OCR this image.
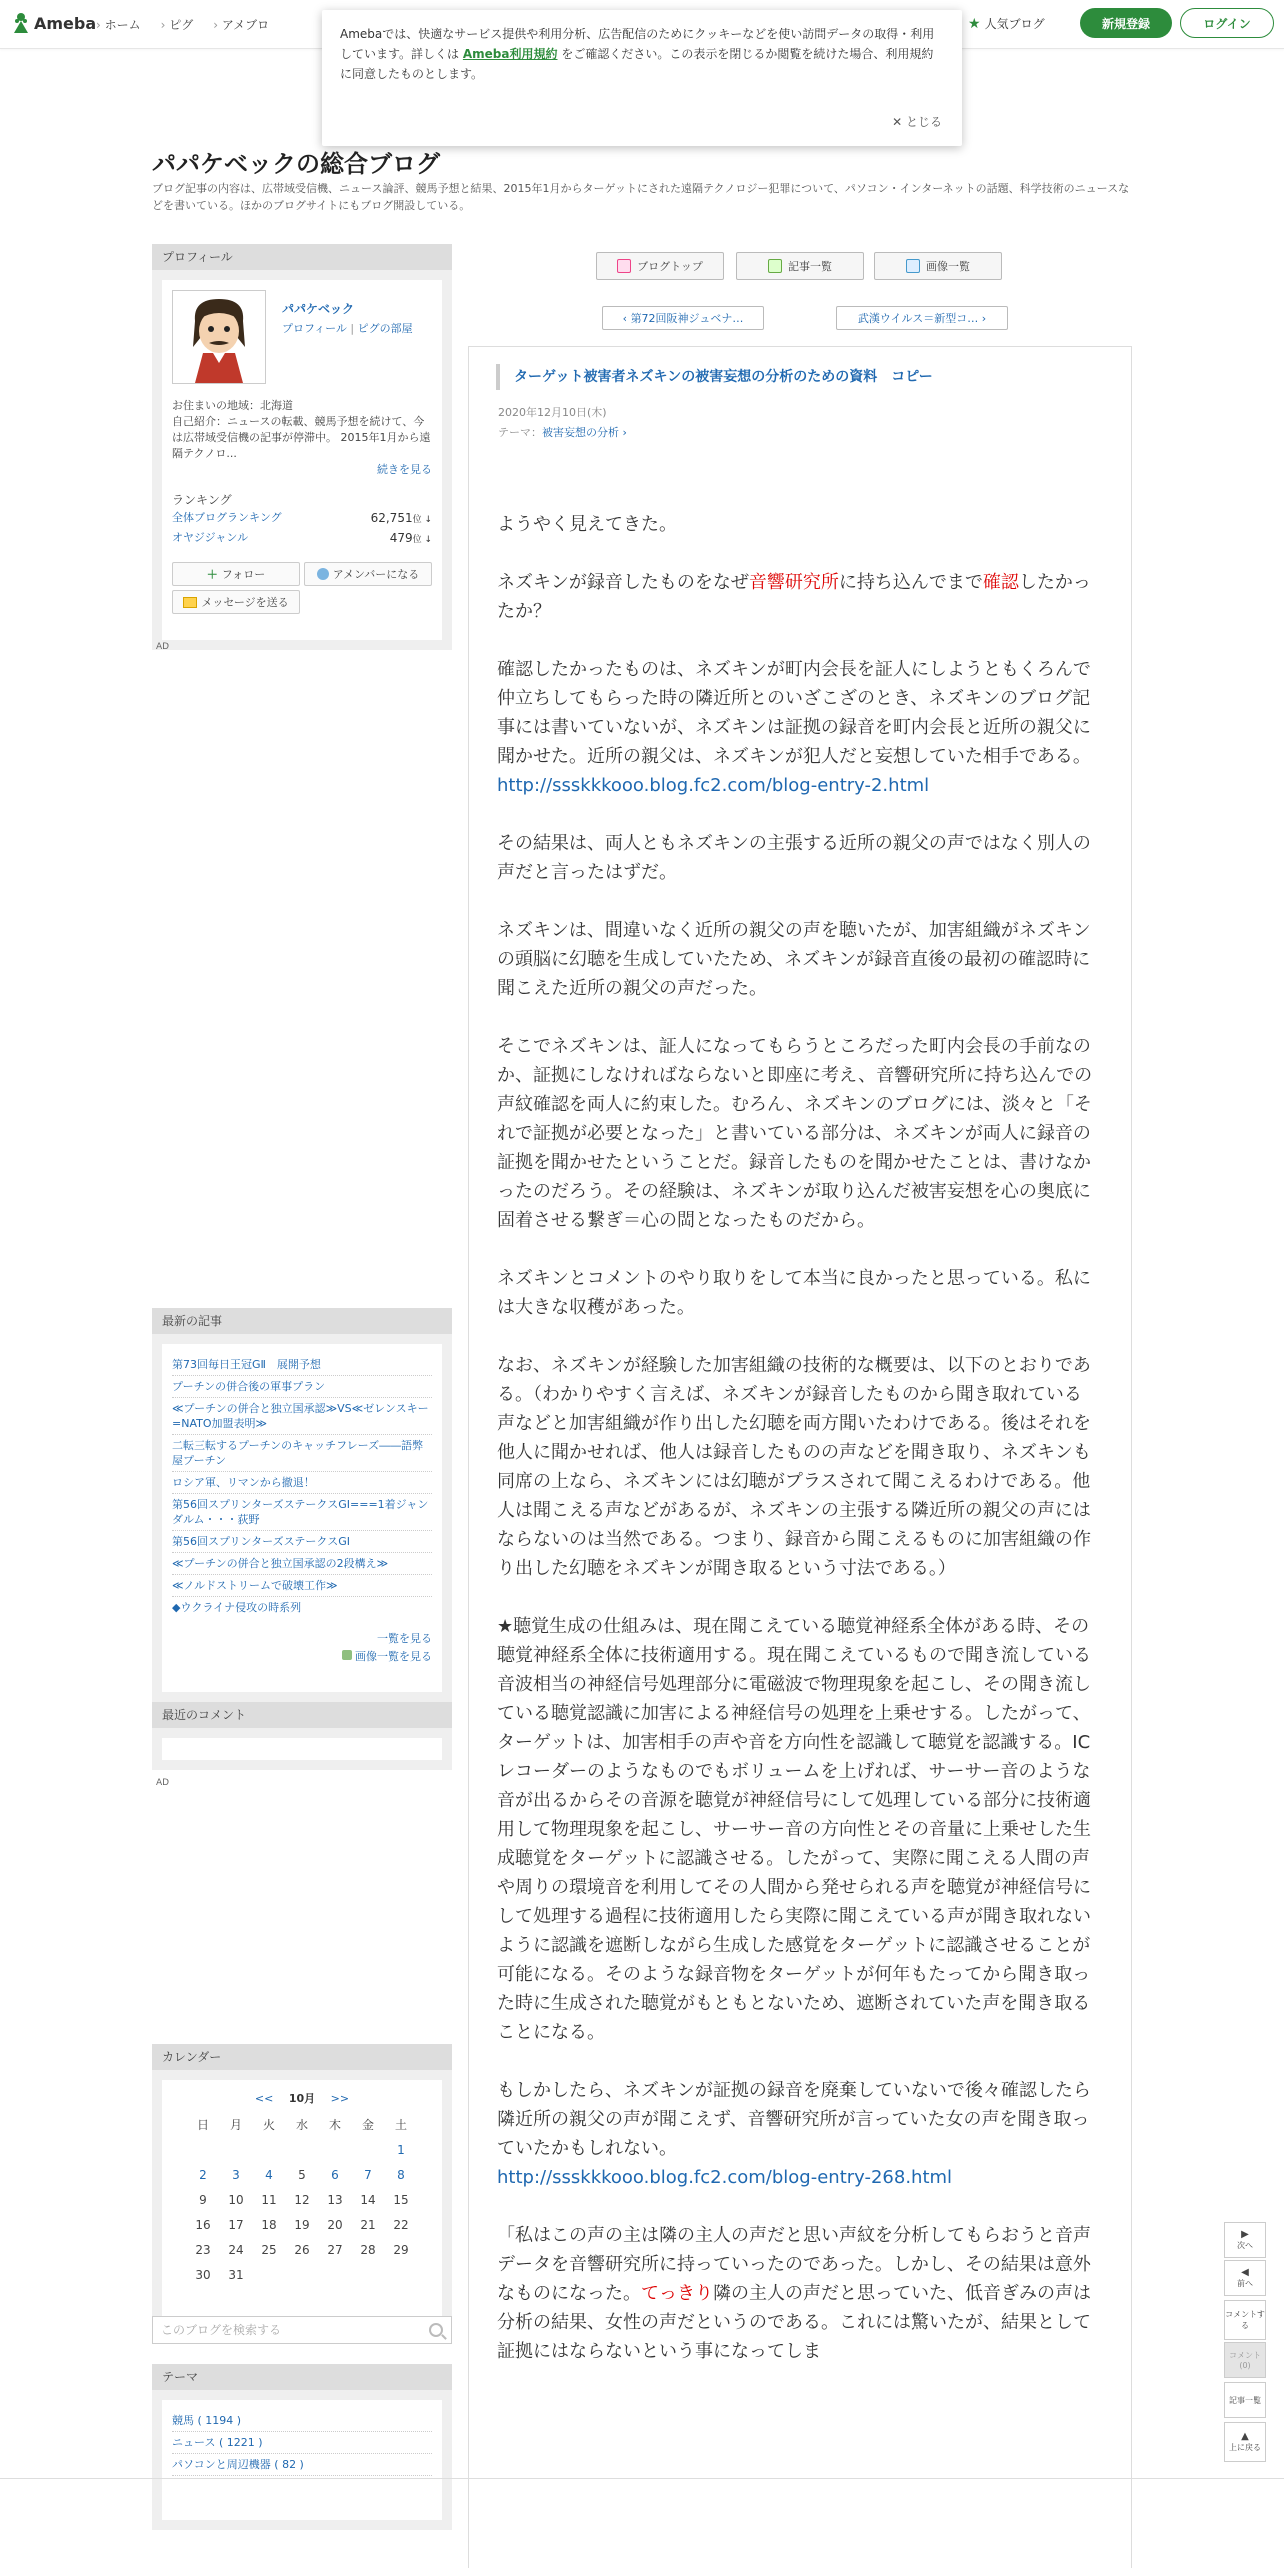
Ameba › ホーム	› ピグ	› アメブロ	★ 人気ブログ	新規登録	ログイン
Amebaでは、快適なサービス提供や利用分析、広告配信のためにクッキーなどを使い訪問データの取得・利用しています。詳しくは Ameba利用規約 をご確認ください。この表示を閉じるか閲覧を続けた場合、利用規約に同意したものとします。
✕ とじる
パパケベックの総合ブログ
ブログ記事の内容は、広帯域受信機、ニュース論評、競馬予想と結果、2015年1月からターゲットにされた遠隔テクノロジー犯罪について、パソコン・インターネットの話題、科学技術のニュースなどを書いている。ほかのブログサイトにもブログ開設している。
プロフィール
パパケベック
プロフィール | ピグの部屋
お住まいの地域：北海道
自己紹介：ニュースの転載、競馬予想を続けて、今は広帯域受信機の記事が停滞中。 2015年1月から遠隔テクノロ...
続きを見る
ランキング
全体ブログランキング	62,751位 ↓
オヤジジャンル	479位 ↓
＋ フォロー	アメンバーになる
メッセージを送る
AD
最新の記事
第73回毎日王冠GⅡ　展開予想
プーチンの併合後の軍事プラン
≪プーチンの併合と独立国承認≫VS≪ゼレンスキー=NATO加盟表明≫
二転三転するプーチンのキャッチフレーズ――語弊屋プーチン
ロシア軍、リマンから撤退！
第56回スプリンターズステークスGⅠ===1着ジャンダルム・・・荻野
第56回スプリンターズステークスGⅠ
≪プーチンの併合と独立国承認の2段構え≫
≪ノルドストリームで破壊工作≫
◆ウクライナ侵攻の時系列
一覧を見る
画像一覧を見る
最近のコメント
AD
カレンダー
<< 10月 >>
日	月	火	水	木	金	土
						1
2	3	4	5	6	7	8
9	10	11	12	13	14	15
16	17	18	19	20	21	22
23	24	25	26	27	28	29
30	31					
このブログを検索する
テーマ
競馬 ( 1194 )
ニュース ( 1221 )
パソコンと周辺機器 ( 82 )
ブログトップ	記事一覧	画像一覧
‹ 第72回阪神ジュベナ…	武漢ウイルス＝新型コ… ›
ターゲット被害者ネズキンの被害妄想の分析のための資料　コピー
2020年12月10日(木)
テーマ：被害妄想の分析 ›

ようやく見えてきた。

ネズキンが録音したものをなぜ音響研究所に持ち込んでまで確認したかったか？

確認したかったものは、ネズキンが町内会長を証人にしようともくろんで仲立ちしてもらった時の隣近所とのいざこざのとき、ネズキンのブログ記事には書いていないが、ネズキンは証拠の録音を町内会長と近所の親父に聞かせた。近所の親父は、ネズキンが犯人だと妄想していた相手である。
http://ssskkkooo.blog.fc2.com/blog-entry-2.html

その結果は、両人ともネズキンの主張する近所の親父の声ではなく別人の声だと言ったはずだ。

ネズキンは、間違いなく近所の親父の声を聴いたが、加害組織がネズキンの頭脳に幻聴を生成していたため、ネズキンが録音直後の最初の確認時に聞こえた近所の親父の声だった。

そこでネズキンは、証人になってもらうところだった町内会長の手前なのか、証拠にしなければならないと即座に考え、音響研究所に持ち込んでの声紋確認を両人に約束した。むろん、ネズキンのブログには、淡々と「それで証拠が必要となった」と書いている部分は、ネズキンが両人に録音の証拠を聞かせたということだ。録音したものを聞かせたことは、書けなかったのだろう。その経験は、ネズキンが取り込んだ被害妄想を心の奥底に固着させる繋ぎ＝心の閊となったものだから。

ネズキンとコメントのやり取りをして本当に良かったと思っている。私には大きな収穫があった。

なお、ネズキンが経験した加害組織の技術的な概要は、以下のとおりである。（わかりやすく言えば、ネズキンが録音したものから聞き取れている声などと加害組織が作り出した幻聴を両方聞いたわけである。後はそれを他人に聞かせれば、他人は録音したものの声などを聞き取り、ネズキンも同席の上なら、ネズキンには幻聴がプラスされて聞こえるわけである。他人は聞こえる声などがあるが、ネズキンの主張する隣近所の親父の声にはならないのは当然である。つまり、録音から聞こえるものに加害組織の作り出した幻聴をネズキンが聞き取るという寸法である。）

★聴覚生成の仕組みは、現在聞こえている聴覚神経系全体がある時、その聴覚神経系全体に技術適用する。現在聞こえているもので聞き流している音波相当の神経信号処理部分に電磁波で物理現象を起こし、その聞き流している聴覚認識に加害による神経信号の処理を上乗せする。したがって、ターゲットは、加害相手の声や音を方向性を認識して聴覚を認識する。ICレコーダーのようなものでもボリュームを上げれば、サーサー音のような音が出るからその音源を聴覚が神経信号にして処理している部分に技術適用して物理現象を起こし、サーサー音の方向性とその音量に上乗せした生成聴覚をターゲットに認識させる。したがって、実際に聞こえる人間の声や周りの環境音を利用してその人間から発せられる声を聴覚が神経信号にして処理する過程に技術適用したら実際に聞こえている声が聞き取れないように認識を遮断しながら生成した感覚をターゲットに認識させることが可能になる。そのような録音物をターゲットが何年もたってから聞き取った時に生成された聴覚がもともとないため、遮断されていた声を聞き取ることになる。

もしかしたら、ネズキンが証拠の録音を廃棄していないで後々確認したら隣近所の親父の声が聞こえず、音響研究所が言っていた女の声を聞き取っていたかもしれない。
http://ssskkkooo.blog.fc2.com/blog-entry-268.html

「私はこの声の主は隣の主人の声だと思い声紋を分析してもらおうと音声データを音響研究所に持っていったのであった。しかし、その結果は意外なものになった。てっきり隣の主人の声だと思っていた、低音ぎみの声は分析の結果、女性の声だというのである。これには驚いたが、結果として証拠にはならないという事になってしま

▶
次へ
◀
前へ
コメントする
コメント(0)
記事一覧
▲
上に戻る
